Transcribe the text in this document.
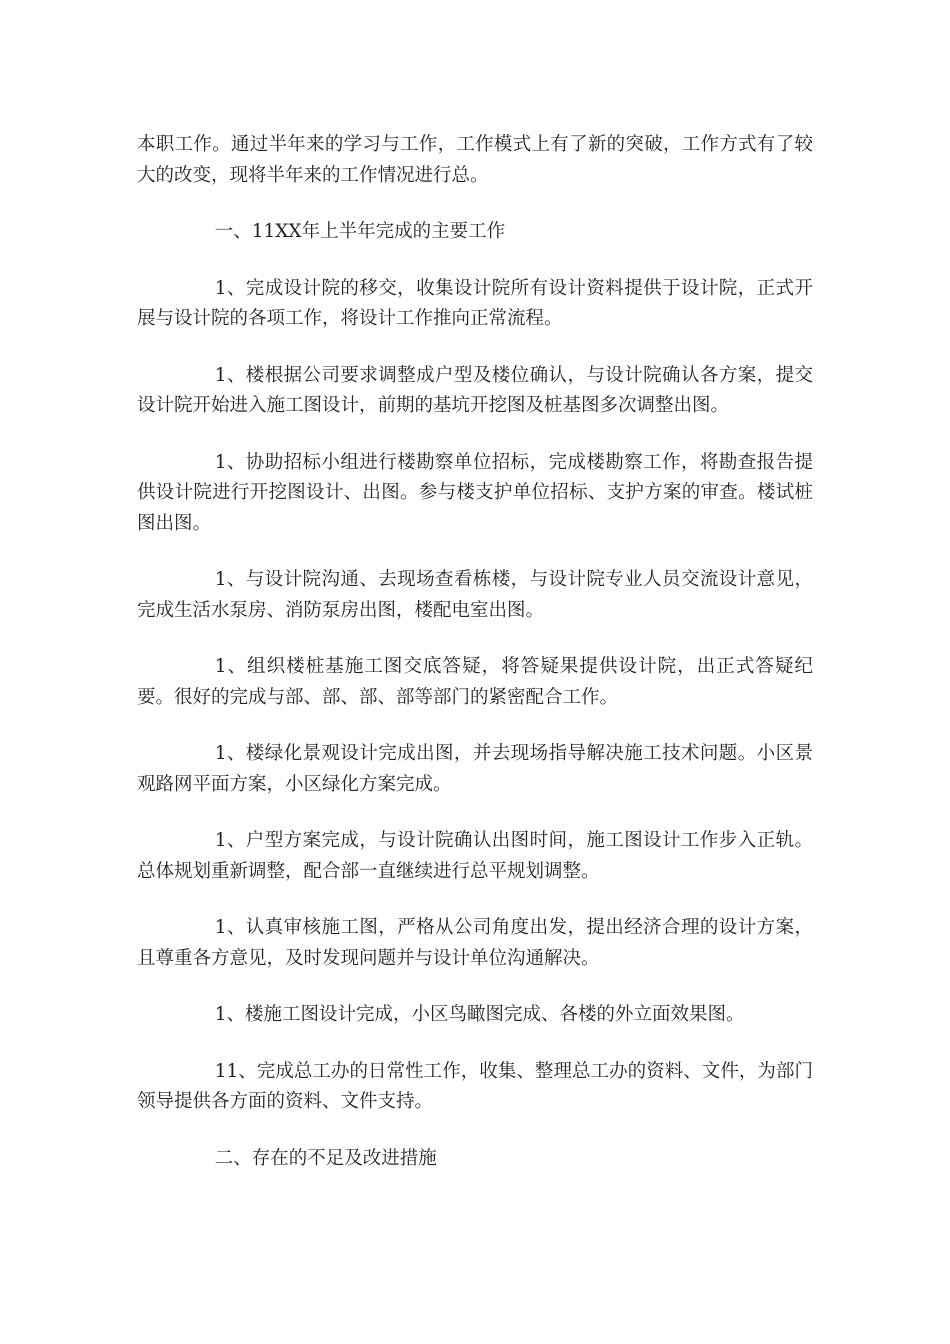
本职工作。通过半年来的学习与工作，工作模式上有了新的突破，工作方式有了较大的改变，现将半年来的工作情况进行总。

一、11XX年上半年完成的主要工作

1、完成设计院的移交，收集设计院所有设计资料提供于设计院，正式开展与设计院的各项工作，将设计工作推向正常流程。

1、楼根据公司要求调整成户型及楼位确认，与设计院确认各方案，提交设计院开始进入施工图设计，前期的基坑开挖图及桩基图多次调整出图。

1、协助招标小组进行楼勘察单位招标，完成楼勘察工作，将勘查报告提供设计院进行开挖图设计、出图。参与楼支护单位招标、支护方案的审查。楼试桩图出图。

1、与设计院沟通、去现场查看栋楼，与设计院专业人员交流设计意见，完成生活水泵房、消防泵房出图，楼配电室出图。

1、组织楼桩基施工图交底答疑，将答疑果提供设计院，出正式答疑纪要。很好的完成与部、部、部、部等部门的紧密配合工作。

1、楼绿化景观设计完成出图，并去现场指导解决施工技术问题。小区景观路网平面方案，小区绿化方案完成。

1、户型方案完成，与设计院确认出图时间，施工图设计工作步入正轨。总体规划重新调整，配合部一直继续进行总平规划调整。

1、认真审核施工图，严格从公司角度出发，提出经济合理的设计方案，且尊重各方意见，及时发现问题并与设计单位沟通解决。

1、楼施工图设计完成，小区鸟瞰图完成、各楼的外立面效果图。

11、完成总工办的日常性工作，收集、整理总工办的资料、文件，为部门领导提供各方面的资料、文件支持。

二、存在的不足及改进措施
